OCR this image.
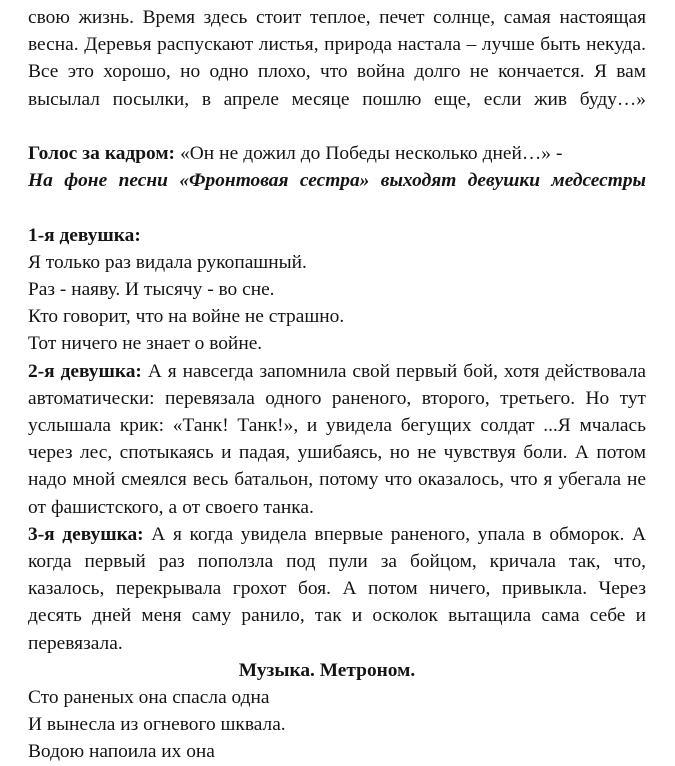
свою жизнь. Время здесь стоит теплое, печет солнце, самая настоящая весна. Деревья распускают листья, природа настала – лучше быть некуда. Все это хорошо, но одно плохо, что война долго не кончается. Я вам высылал посылки, в апреле месяце пошлю еще, если жив буду…»

Голос за кадром: «Он не дожил до Победы несколько дней…» -

На фоне песни «Фронтовая сестра» выходят девушки медсестры

1-я девушка:

Я только раз видала рукопашный.

Раз - наяву. И тысячу - во сне.

Кто говорит, что на войне не страшно.

Тот ничего не знает о войне.

2-я девушка: А я навсегда запомнила свой первый бой, хотя действовала автоматически: перевязала одного раненого, второго, третьего. Но тут услышала крик: «Танк! Танк!», и увидела бегущих солдат ...Я мчалась через лес, спотыкаясь и падая, ушибаясь, но не чувствуя боли. А потом надо мной смеялся весь батальон, потому что оказалось, что я убегала не от фашистского, а от своего танка.

3-я девушка: А я когда увидела впервые раненого, упала в обморок. А когда первый раз поползла под пули за бойцом, кричала так, что, казалось, перекрывала грохот боя. А потом ничего, привыкла. Через десять дней меня саму ранило, так и осколок вытащила сама себе и перевязала.

Музыка. Метроном.

Сто раненых она спасла одна

И вынесла из огневого шквала.

Водою напоила их она
